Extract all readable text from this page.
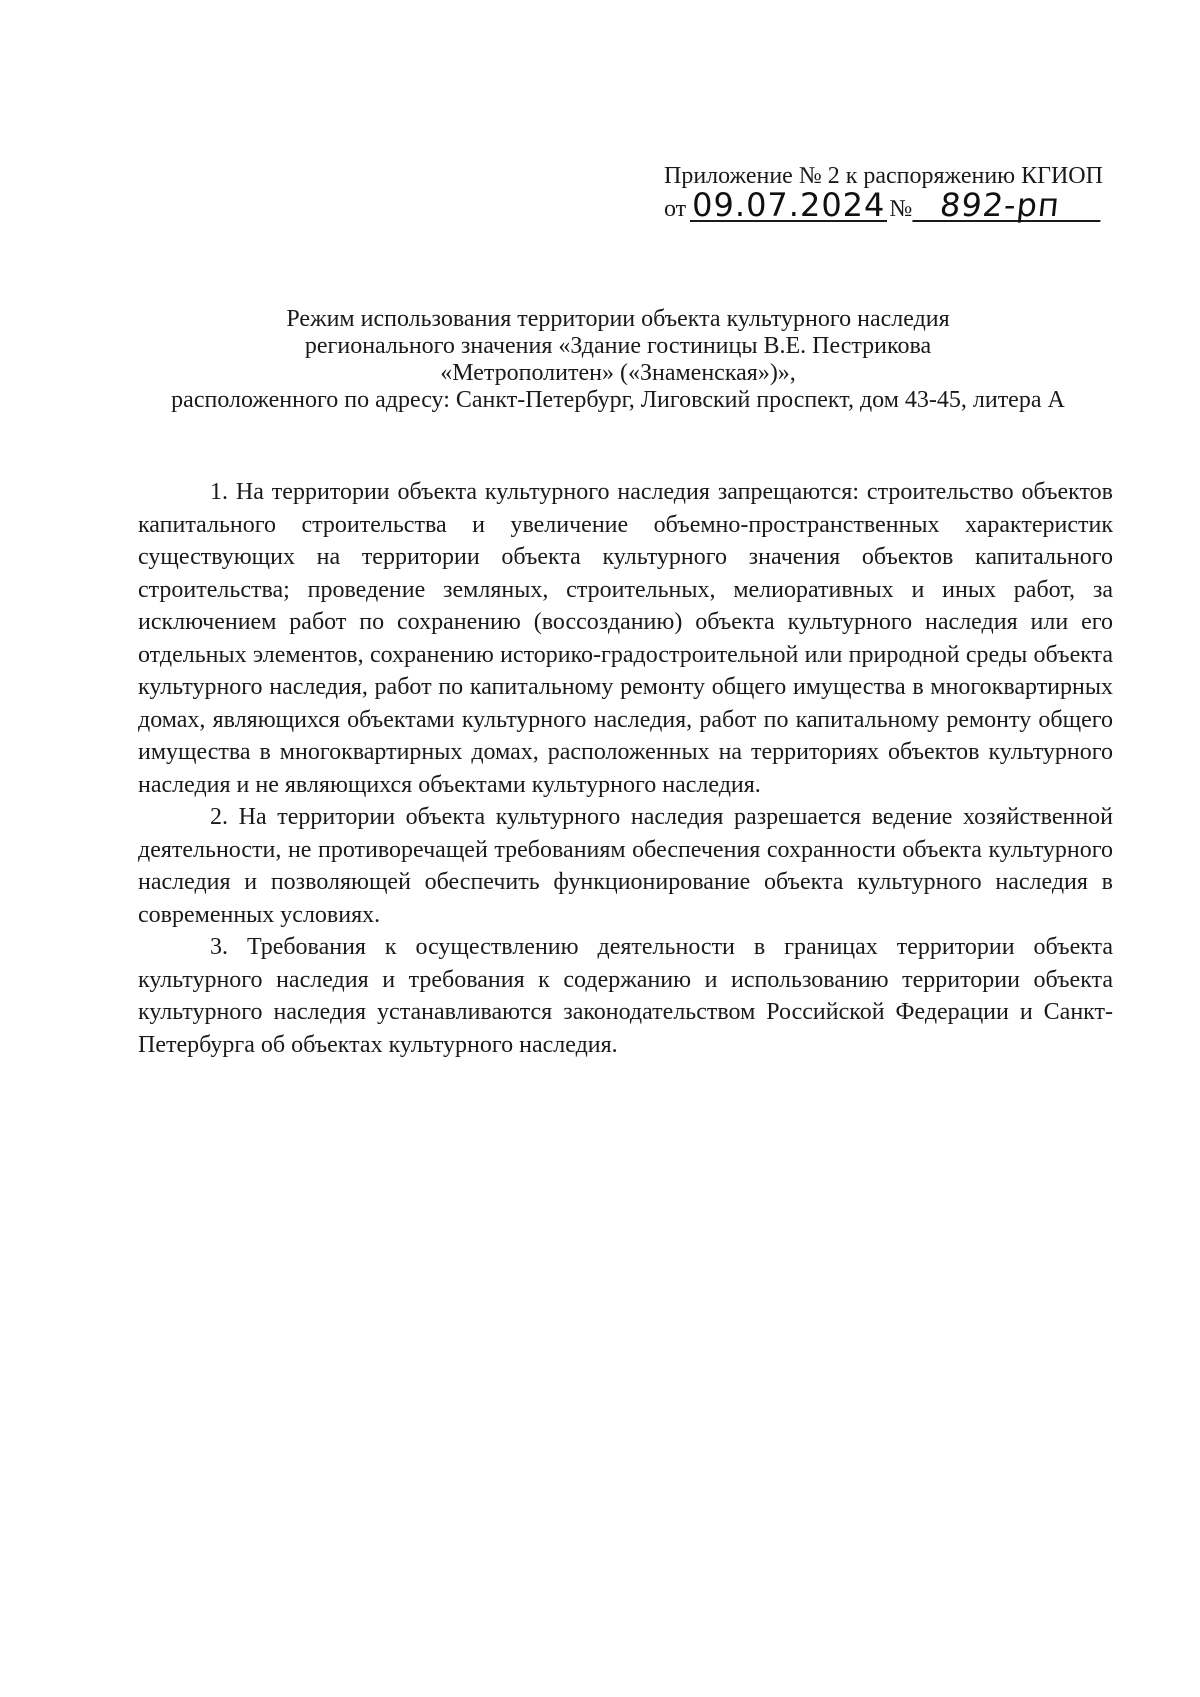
Приложение № 2 к распоряжению КГИОП
от 09.07.2024 № 892-рп
Режим использования территории объекта культурного наследия
регионального значения «Здание гостиницы В.Е. Пестрикова
«Метрополитен» («Знаменская»)»,
расположенного по адресу: Санкт-Петербург, Лиговский проспект, дом 43-45, литера А

1. На территории объекта культурного наследия запрещаются: строительство объектов капитального строительства и увеличение объемно-пространственных характеристик существующих на территории объекта культурного значения объектов капитального строительства; проведение земляных, строительных, мелиоративных и иных работ, за исключением работ по сохранению (воссозданию) объекта культурного наследия или его отдельных элементов, сохранению историко-градостроительной или природной среды объекта культурного наследия, работ по капитальному ремонту общего имущества в многоквартирных домах, являющихся объектами культурного наследия, работ по капитальному ремонту общего имущества в многоквартирных домах, расположенных на территориях объектов культурного наследия и не являющихся объектами культурного наследия.

2. На территории объекта культурного наследия разрешается ведение хозяйственной деятельности, не противоречащей требованиям обеспечения сохранности объекта культурного наследия и позволяющей обеспечить функционирование объекта культурного наследия в современных условиях.

3. Требования к осуществлению деятельности в границах территории объекта культурного наследия и требования к содержанию и использованию территории объекта культурного наследия устанавливаются законодательством Российской Федерации и Санкт-Петербурга об объектах культурного наследия.
